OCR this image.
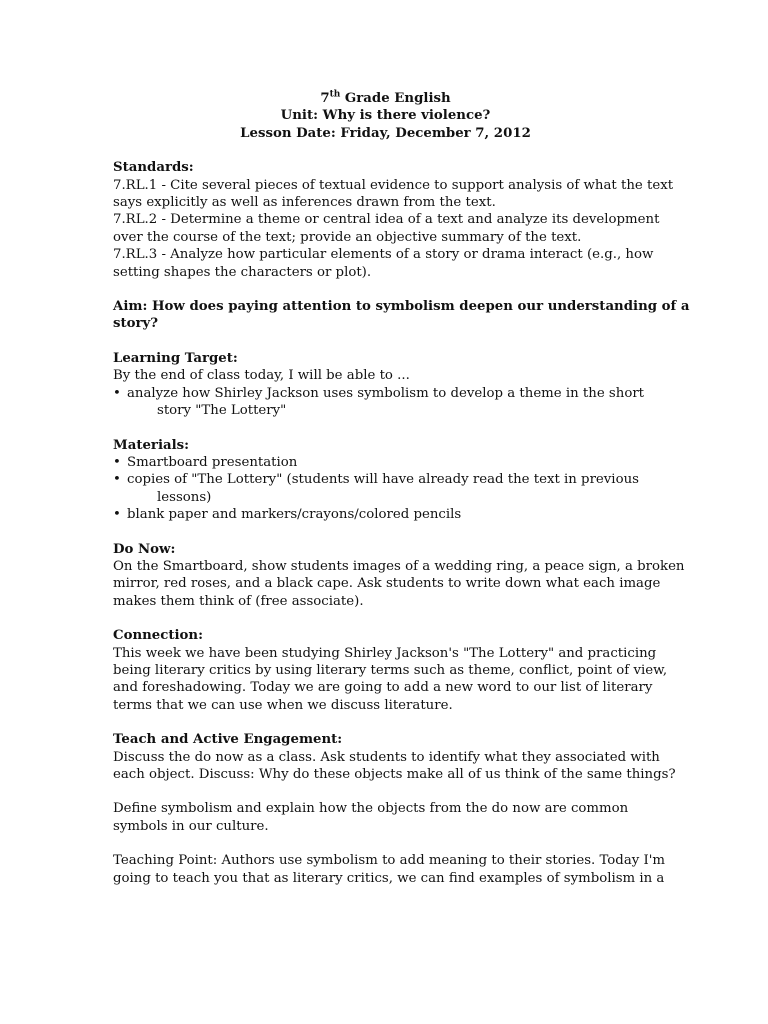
7th Grade English
Unit: Why is there violence?
Lesson Date: Friday, December 7, 2012
Standards:
7.RL.1 - Cite several pieces of textual evidence to support analysis of what the text
says explicitly as well as inferences drawn from the text.
7.RL.2 - Determine a theme or central idea of a text and analyze its development
over the course of the text; provide an objective summary of the text.
7.RL.3 - Analyze how particular elements of a story or drama interact (e.g., how
setting shapes the characters or plot).
Aim: How does paying attention to symbolism deepen our understanding of a
story?
Learning Target:
By the end of class today, I will be able to ...
• analyze how Shirley Jackson uses symbolism to develop a theme in the short
story "The Lottery"
Materials:
• Smartboard presentation
• copies of "The Lottery" (students will have already read the text in previous
lessons)
• blank paper and markers/crayons/colored pencils
Do Now:
On the Smartboard, show students images of a wedding ring, a peace sign, a broken
mirror, red roses, and a black cape. Ask students to write down what each image
makes them think of (free associate).
Connection:
This week we have been studying Shirley Jackson's "The Lottery" and practicing
being literary critics by using literary terms such as theme, conflict, point of view,
and foreshadowing. Today we are going to add a new word to our list of literary
terms that we can use when we discuss literature.
Teach and Active Engagement:
Discuss the do now as a class. Ask students to identify what they associated with
each object. Discuss: Why do these objects make all of us think of the same things?
Define symbolism and explain how the objects from the do now are common
symbols in our culture.
Teaching Point: Authors use symbolism to add meaning to their stories. Today I'm
going to teach you that as literary critics, we can find examples of symbolism in a
